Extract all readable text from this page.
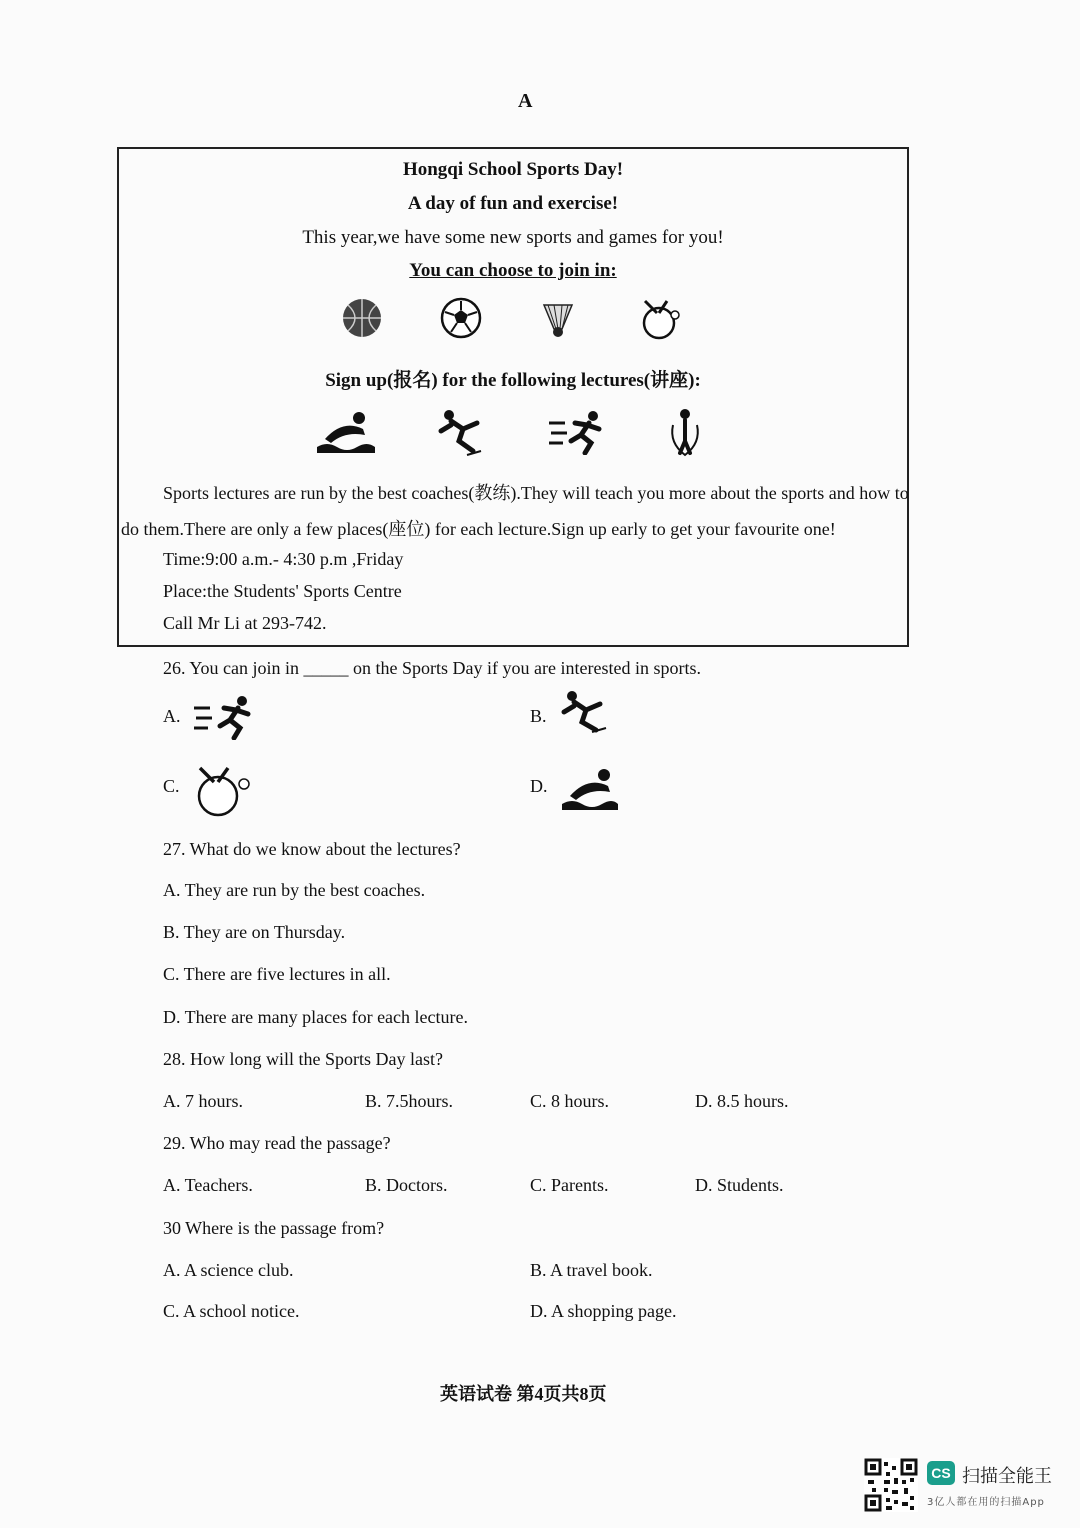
A
Hongqi School Sports Day!
A day of fun and exercise!
This year,we have some new sports and games for you!
You can choose to join in:
Sign up(报名) for the following lectures(讲座):
Sports lectures are run by the best coaches(教练).They will teach you more about the sports and how to
do them.There are only a few places(座位) for each lecture.Sign up early to get your favourite one!
Time:9:00 a.m.- 4:30 p.m ,Friday
Place:the Students' Sports Centre
Call Mr Li at 293-742.
26. You can join in _____ on the Sports Day if you are interested in sports.
A.	B.
C.	D.
27. What do we know about the lectures?
A. They are run by the best coaches.
B. They are on Thursday.
C. There are five lectures in all.
D. There are many places for each lecture.
28. How long will the Sports Day last?
A. 7 hours.	B. 7.5hours.	C. 8 hours.	D. 8.5 hours.
29. Who may read the passage?
A. Teachers.	B. Doctors.	C. Parents.	D. Students.
30 Where is the passage from?
A. A science club.	B. A travel book.
C. A school notice.	D. A shopping page.
英语试卷 第4页共8页
CS 扫描全能王
3亿人都在用的扫描App
